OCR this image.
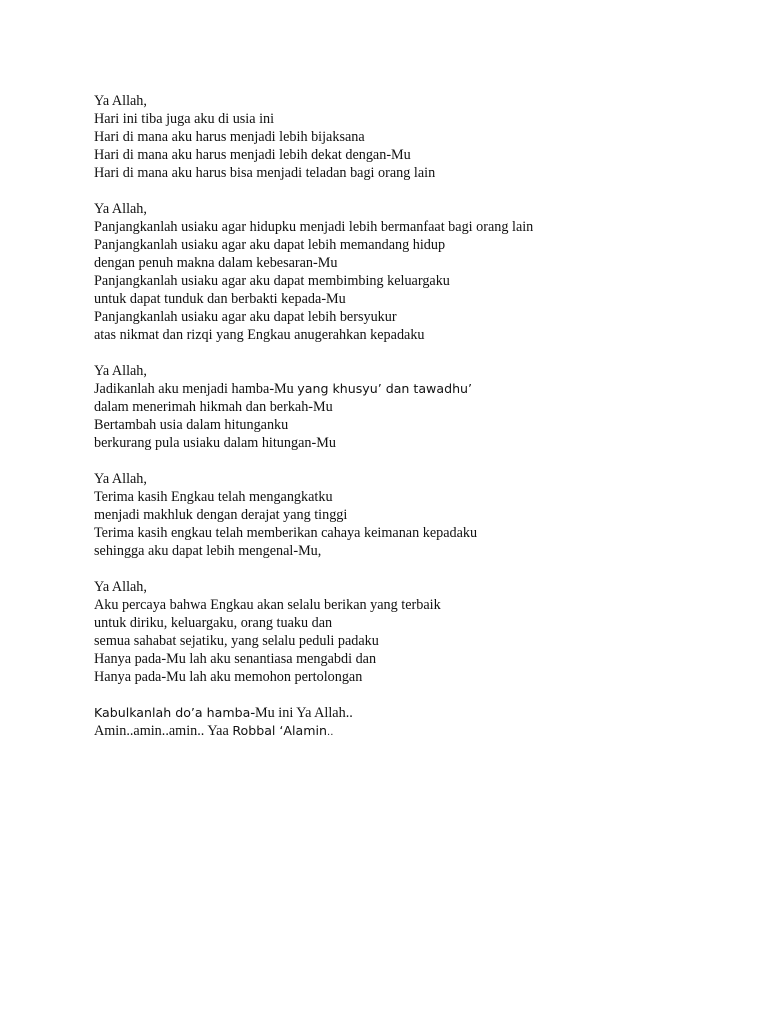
Ya Allah,
Hari ini tiba juga aku di usia ini
Hari di mana aku harus menjadi lebih bijaksana
Hari di mana aku harus menjadi lebih dekat dengan-Mu
Hari di mana aku harus bisa menjadi teladan bagi orang lain
Ya Allah,
Panjangkanlah usiaku agar hidupku menjadi lebih bermanfaat bagi orang lain
Panjangkanlah usiaku agar aku dapat lebih memandang hidup
dengan penuh makna dalam kebesaran-Mu
Panjangkanlah usiaku agar aku dapat membimbing keluargaku
untuk dapat tunduk dan berbakti kepada-Mu
Panjangkanlah usiaku agar aku dapat lebih bersyukur
atas nikmat dan rizqi yang Engkau anugerahkan kepadaku
Ya Allah,
Jadikanlah aku menjadi hamba-Mu yang khusyu’ dan tawadhu’
dalam menerimah hikmah dan berkah-Mu
Bertambah usia dalam hitunganku
berkurang pula usiaku dalam hitungan-Mu
Ya Allah,
Terima kasih Engkau telah mengangkatku
menjadi makhluk dengan derajat yang tinggi
Terima kasih engkau telah memberikan cahaya keimanan kepadaku
sehingga aku dapat lebih mengenal-Mu,
Ya Allah,
Aku percaya bahwa Engkau akan selalu berikan yang terbaik
untuk diriku, keluargaku, orang tuaku dan
semua sahabat sejatiku, yang selalu peduli padaku
Hanya pada-Mu lah aku senantiasa mengabdi dan
Hanya pada-Mu lah aku memohon pertolongan
Kabulkanlah do’a hamba-Mu ini Ya Allah..
Amin..amin..amin.. Yaa Robbal ‘Alamin..
